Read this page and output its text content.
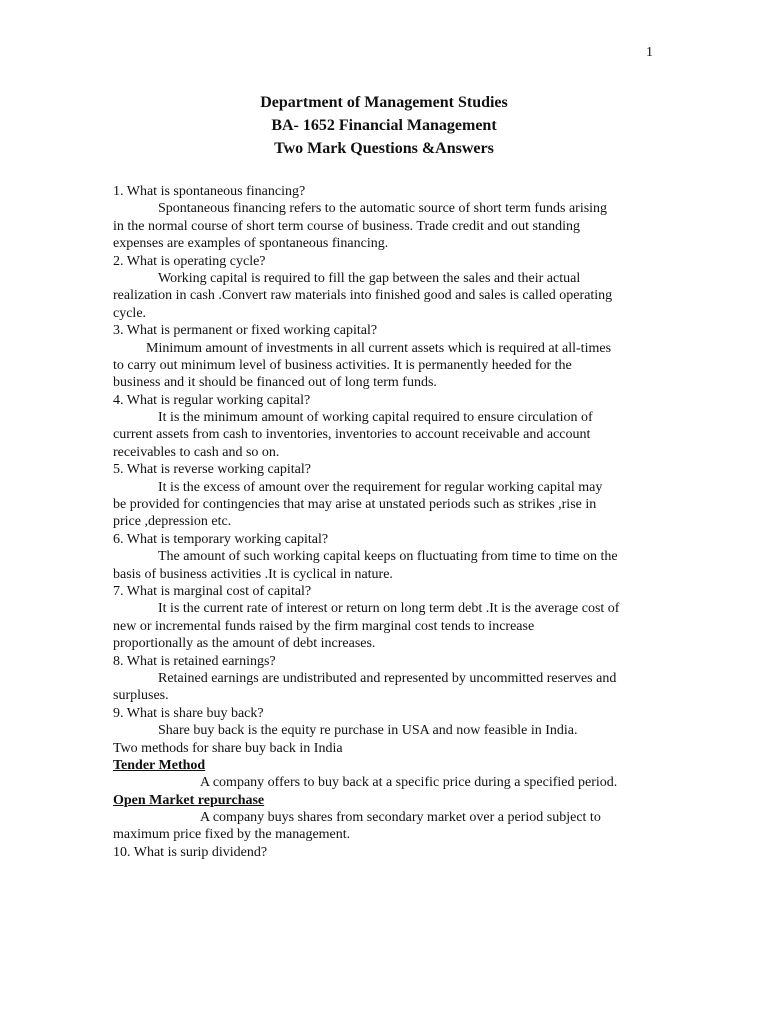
1
Department of Management Studies
BA- 1652 Financial Management
Two Mark Questions &Answers
1. What is spontaneous financing?
Spontaneous financing refers to the automatic source of short term funds arising
in the normal course of short term course of business. Trade credit and out standing
expenses are examples of spontaneous financing.
2. What is operating cycle?
Working capital is required to fill the gap between the sales and their actual
realization in cash .Convert raw materials into finished good and sales is called operating
cycle.
3. What is permanent or fixed working capital?
Minimum amount of investments in all current assets which is required at all-times
to carry out minimum level of business activities. It is permanently heeded for the
business and it should be financed out of long term funds.
4. What is regular working capital?
It is the minimum amount of working capital required to ensure circulation of
current assets from cash to inventories, inventories to account receivable and account
receivables to cash and so on.
5. What is reverse working capital?
It is the excess of amount over the requirement for regular working capital may
be provided for contingencies that may arise at unstated periods such as strikes ,rise in
price ,depression etc.
6. What is temporary working capital?
The amount of such working capital keeps on fluctuating from time to time on the
basis of business activities .It is cyclical in nature.
7. What is marginal cost of capital?
It is the current rate of interest or return on long term debt .It is the average cost of
new or incremental funds raised by the firm marginal cost tends to increase
proportionally as the amount of debt increases.
8. What is retained earnings?
Retained earnings are undistributed and represented by uncommitted reserves and
surpluses.
9. What is share buy back?
Share buy back is the equity re purchase in USA and now feasible in India.
Two methods for share buy back in India
Tender Method
A company offers to buy back at a specific price during a specified period.
Open Market repurchase
A company buys shares from secondary market over a period subject to
maximum price fixed by the management.
10. What is surip dividend?
